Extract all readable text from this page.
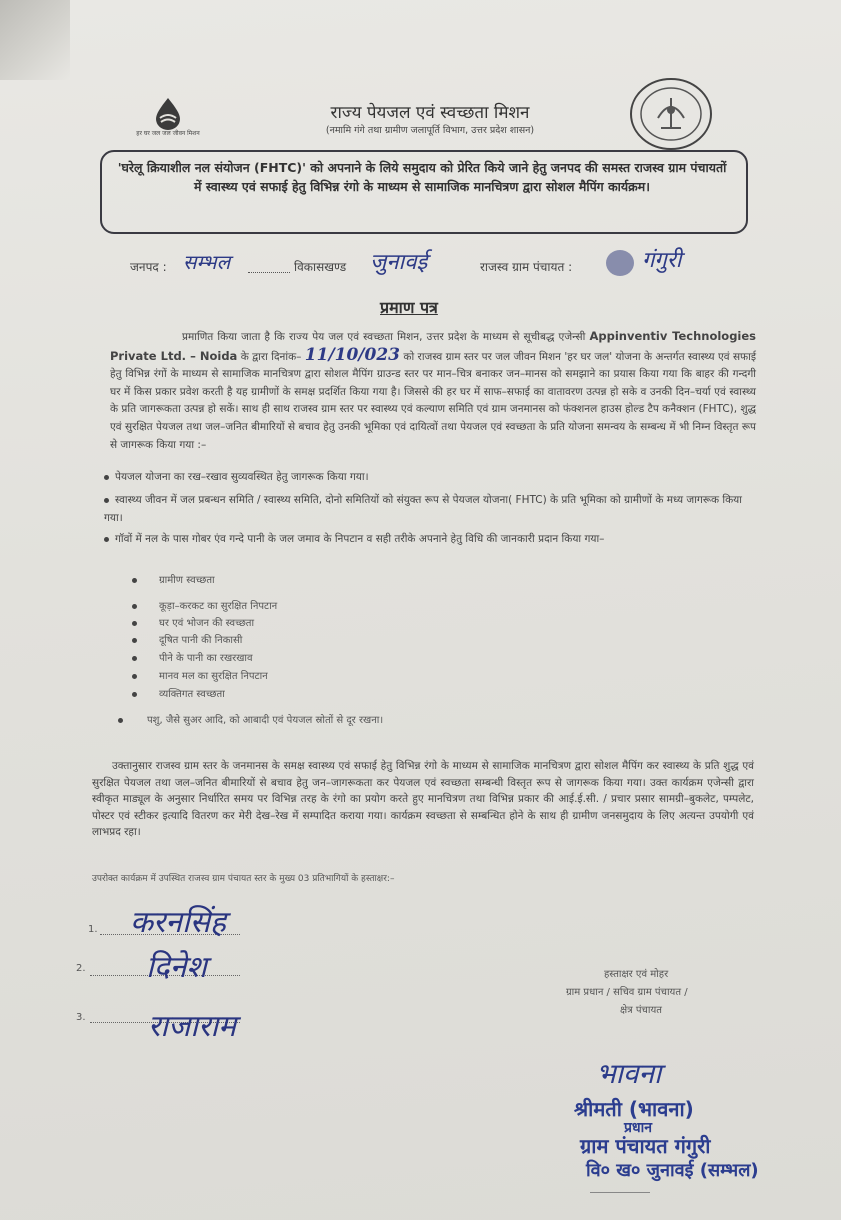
हर घर जल जल जीवन मिशन
राज्य पेयजल एवं स्वच्छता मिशन
(नमामि गंगे तथा ग्रामीण जलापूर्ति विभाग, उत्तर प्रदेश शासन)
'घरेलू क्रियाशील नल संयोजन (FHTC)' को अपनाने के लिये समुदाय को प्रेरित किये जाने हेतु जनपद की समस्त राजस्व ग्राम पंचायतों में स्वास्थ्य एवं सफाई हेतु विभिन्न रंगो के माध्यम से सामाजिक मानचित्रण द्वारा सोशल मैपिंग कार्यक्रम।
जनपद : सम्भल	विकासखण्ड जुनावई	राजस्व ग्राम पंचायत :	गंगुरी
प्रमाण पत्र
प्रमाणित किया जाता है कि राज्य पेय जल एवं स्वच्छता मिशन, उत्तर प्रदेश के माध्यम से सूचीबद्ध एजेन्सी Appinventiv Technologies Private Ltd. – Noida के द्वारा दिनांक– 11/10/023 को राजस्व ग्राम स्तर पर जल जीवन मिशन 'हर घर जल' योजना के अन्तर्गत स्वास्थ्य एवं सफाई हेतु विभिन्न रंगों के माध्यम से सामाजिक मानचित्रण द्वारा सोशल मैपिंग ग्राउन्ड स्तर पर मान–चित्र बनाकर जन–मानस को समझाने का प्रयास किया गया कि बाहर की गन्दगी घर में किस प्रकार प्रवेश करती है यह ग्रामीणों के समक्ष प्रदर्शित किया गया है। जिससे की हर घर में साफ–सफाई का वातावरण उत्पन्न हो सके व उनकी दिन–चर्या एवं स्वास्थ्य के प्रति जागरूकता उत्पन्न हो सकें। साथ ही साथ राजस्व ग्राम स्तर पर स्वास्थ्य एवं कल्याण समिति एवं ग्राम जनमानस को फंक्शनल हाउस होल्ड टैप कनैक्शन (FHTC), शुद्ध एवं सुरक्षित पेयजल तथा जल–जनित बीमारियों से बचाव हेतु उनकी भूमिका एवं दायित्वों तथा पेयजल एवं स्वच्छता के प्रति योजना समन्वय के सम्बन्ध में भी निम्न विस्तृत रूप से जागरूक किया गया :–
पेयजल योजना का रख–रखाव सुव्यवस्थित हेतु जागरूक किया गया।
स्वास्थ्य जीवन में जल प्रबन्धन समिति / स्वास्थ्य समिति, दोनो समितियों को संयुक्त रूप से पेयजल योजना( FHTC) के प्रति भूमिका को ग्रामीणों के मध्य जागरूक किया गया।
गॉवों में नल के पास गोबर एंव गन्दे पानी के जल जमाव के निपटान व सही तरीके अपनाने हेतु विधि की जानकारी प्रदान किया गया–
ग्रामीण स्वच्छता
कूड़ा–करकट का सुरक्षित निपटान
घर एवं भोजन की स्वच्छता
दूषित पानी की निकासी
पीने के पानी का रखरखाव
मानव मल का सुरक्षित निपटान
व्यक्तिगत स्वच्छता
पशु, जैसे सुअर आदि, को आबादी एवं पेयजल स्रोतों से दूर रखना।
उक्तानुसार राजस्व ग्राम स्तर के जनमानस के समक्ष स्वास्थ्य एवं सफाई हेतु विभिन्न रंगो के माध्यम से सामाजिक मानचित्रण द्वारा सोशल मैपिंग कर स्वास्थ्य के प्रति शुद्ध एवं सुरक्षित पेयजल तथा जल–जनित बीमारियों से बचाव हेतु जन–जागरूकता कर पेयजल एवं स्वच्छता सम्बन्धी विस्तृत रूप से जागरूक किया गया। उक्त कार्यक्रम एजेन्सी द्वारा स्वीकृत माड्यूल के अनुसार निर्धारित समय पर विभिन्न तरह के रंगो का प्रयोग करते हुए मानचित्रण तथा विभिन्न प्रकार की आई.ई.सी. / प्रचार प्रसार सामग्री–बुकलेट, पम्पलेट, पोस्टर एवं स्टीकर इत्यादि वितरण कर मेरी देख–रेख में सम्पादित कराया गया। कार्यक्रम स्वच्छता से सम्बन्धित होने के साथ ही ग्रामीण जनसमुदाय के लिए अत्यन्त उपयोगी एवं लाभप्रद रहा।
उपरोक्त कार्यक्रम में उपस्थित राजस्व ग्राम पंचायत स्तर के मुख्य 03 प्रतिभागियों के हस्ताक्षर:–
1. करनसिंह
2. दिनेश
3. राजाराम
हस्ताक्षर एवं मोहर
ग्राम प्रधान / सचिव ग्राम पंचायत /
क्षेत्र पंचायत
भावना
श्रीमती (भावना)
प्रधान
ग्राम पंचायत गंगुरी
वि० ख० जुनावई (सम्भल)
